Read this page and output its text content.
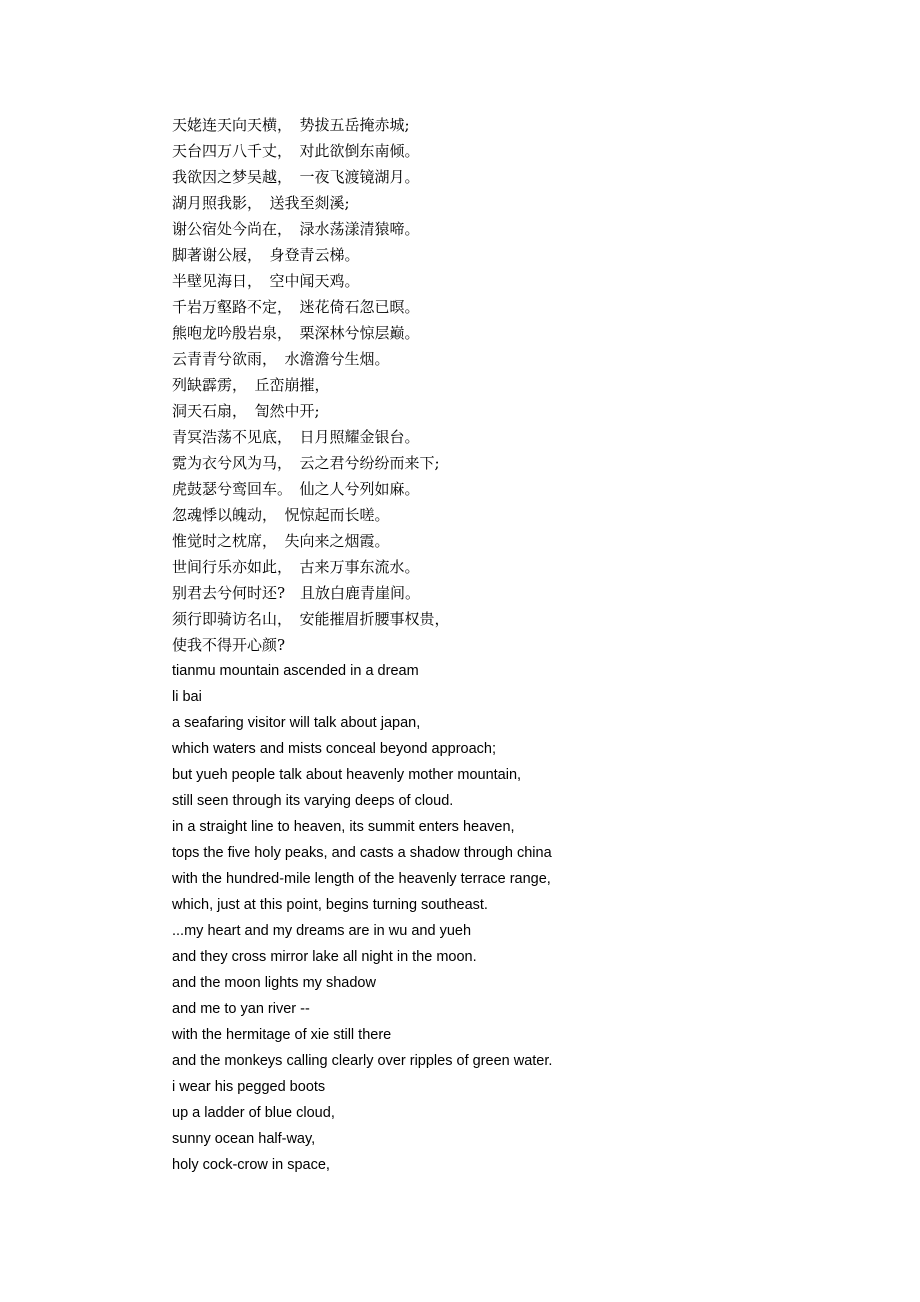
天姥连天向天横，　势拔五岳掩赤城;
天台四万八千丈，　对此欲倒东南倾。
我欲因之梦吴越，　一夜飞渡镜湖月。
湖月照我影，　送我至剡溪;
谢公宿处今尚在，　渌水荡漾清猿啼。
脚著谢公屐，　身登青云梯。
半壁见海日，　空中闻天鸡。
千岩万壑路不定，　迷花倚石忽已暝。
熊咆龙吟殷岩泉，　栗深林兮惊层巅。
云青青兮欲雨，　水澹澹兮生烟。
列缺霹雳，　丘峦崩摧，
洞天石扇，　訇然中开;
青冥浩荡不见底，　日月照耀金银台。
霓为衣兮风为马，　云之君兮纷纷而来下;
虎鼓瑟兮鸾回车。　仙之人兮列如麻。
忽魂悸以魄动，　怳惊起而长嗟。
惟觉时之枕席，　失向来之烟霞。
世间行乐亦如此，　古来万事东流水。
别君去兮何时还?　且放白鹿青崖间。
须行即骑访名山，　安能摧眉折腰事权贵，
使我不得开心颜?
tianmu mountain ascended in a dream
li bai
a seafaring visitor will talk about japan,
which waters and mists conceal beyond approach;
but yueh people talk about heavenly mother mountain,
still seen through its varying deeps of cloud.
in a straight line to heaven, its summit enters heaven,
tops the five holy peaks, and casts a shadow through china
with the hundred-mile length of the heavenly terrace range,
which, just at this point, begins turning southeast.
...my heart and my dreams are in wu and yueh
and they cross mirror lake all night in the moon.
and the moon lights my shadow
and me to yan river --
with the hermitage of xie still there
and the monkeys calling clearly over ripples of green water.
i wear his pegged boots
up a ladder of blue cloud,
sunny ocean half-way,
holy cock-crow in space,
